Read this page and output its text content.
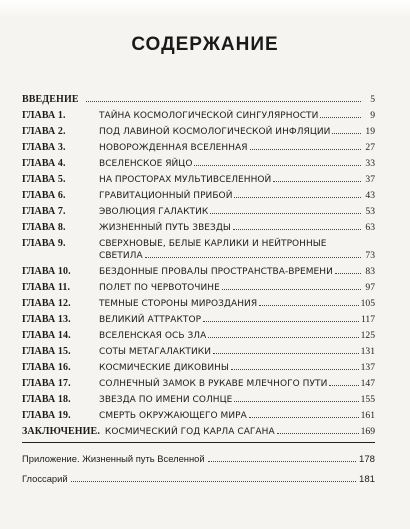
СОДЕРЖАНИЕ
ВВЕДЕНИЕ	5
ГЛАВА 1.	ТАЙНА КОСМОЛОГИЧЕСКОЙ СИНГУЛЯРНОСТИ	9
ГЛАВА 2.	ПОД ЛАВИНОЙ КОСМОЛОГИЧЕСКОЙ ИНФЛЯЦИИ	19
ГЛАВА 3.	НОВОРОЖДЕННАЯ ВСЕЛЕННАЯ	27
ГЛАВА 4.	ВСЕЛЕНСКОЕ ЯЙЦО	33
ГЛАВА 5.	НА ПРОСТОРАХ МУЛЬТИВСЕЛЕННОЙ	37
ГЛАВА 6.	ГРАВИТАЦИОННЫЙ ПРИБОЙ	43
ГЛАВА 7.	ЭВОЛЮЦИЯ ГАЛАКТИК	53
ГЛАВА 8.	ЖИЗНЕННЫЙ ПУТЬ ЗВЕЗДЫ	63
ГЛАВА 9.	СВЕРХНОВЫЕ, БЕЛЫЕ КАРЛИКИ И НЕЙТРОННЫЕ
СВЕТИЛА	73
ГЛАВА 10.	БЕЗДОННЫЕ ПРОВАЛЫ ПРОСТРАНСТВА-ВРЕМЕНИ	83
ГЛАВА 11.	ПОЛЕТ ПО ЧЕРВОТОЧИНЕ	97
ГЛАВА 12.	ТЕМНЫЕ СТОРОНЫ МИРОЗДАНИЯ	105
ГЛАВА 13.	ВЕЛИКИЙ АТТРАКТОР	117
ГЛАВА 14.	ВСЕЛЕНСКАЯ ОСЬ ЗЛА	125
ГЛАВА 15.	СОТЫ МЕТАГАЛАКТИКИ	131
ГЛАВА 16.	КОСМИЧЕСКИЕ ДИКОВИНЫ	137
ГЛАВА 17.	СОЛНЕЧНЫЙ ЗАМОК В РУКАВЕ МЛЕЧНОГО ПУТИ	147
ГЛАВА 18.	ЗВЕЗДА ПО ИМЕНИ СОЛНЦЕ	155
ГЛАВА 19.	СМЕРТЬ ОКРУЖАЮЩЕГО МИРА	161
ЗАКЛЮЧЕНИЕ. КОСМИЧЕСКИЙ ГОД КАРЛА САГАНА	169
Приложение. Жизненный путь Вселенной	178
Глоссарий	181
